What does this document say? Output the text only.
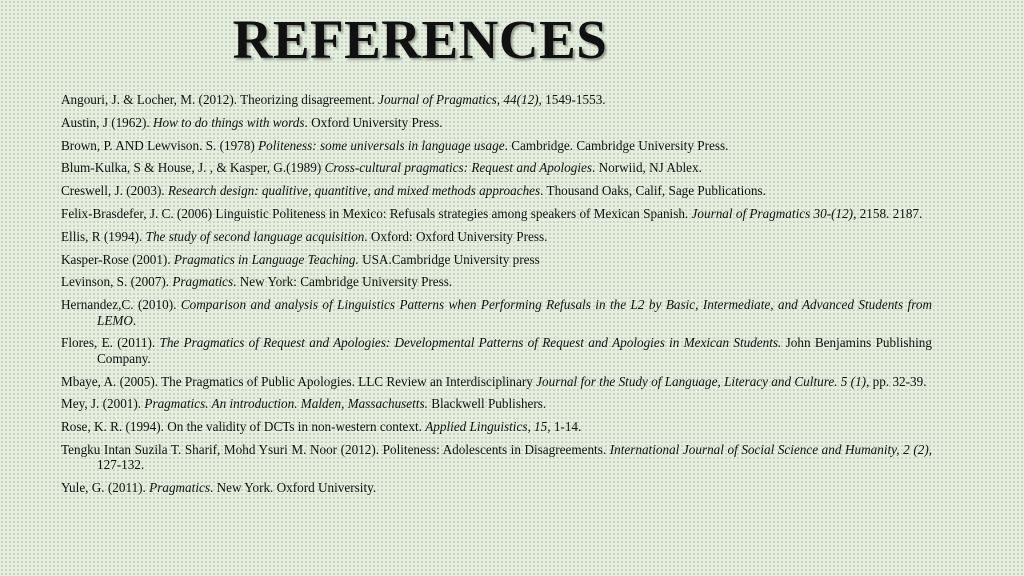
REFERENCES
Angouri, J. & Locher, M. (2012). Theorizing disagreement. Journal of Pragmatics, 44(12), 1549-1553.
Austin, J (1962). How to do things with words. Oxford University Press.
Brown, P. AND Lewvison. S. (1978) Politeness: some universals in language usage. Cambridge. Cambridge University Press.
Blum-Kulka, S & House, J. , & Kasper, G.(1989) Cross-cultural pragmatics: Request and Apologies. Norwiid, NJ Ablex.
Creswell, J. (2003). Research design: qualitive, quantitive, and mixed methods approaches. Thousand Oaks, Calif, Sage Publications.
Felix-Brasdefer, J. C. (2006) Linguistic Politeness in Mexico: Refusals strategies among speakers of Mexican Spanish. Journal of Pragmatics 30-(12), 2158. 2187.
Ellis, R (1994). The study of second language acquisition. Oxford: Oxford University Press.
Kasper-Rose (2001). Pragmatics in Language Teaching. USA.Cambridge University press
Levinson, S. (2007). Pragmatics. New York: Cambridge University Press.
Hernandez,C. (2010). Comparison and analysis of Linguistics Patterns when Performing Refusals in the L2 by Basic, Intermediate, and Advanced Students from LEMO.
Flores, E. (2011). The Pragmatics of Request and Apologies: Developmental Patterns of Request and Apologies in Mexican Students. John Benjamins Publishing Company.
Mbaye, A. (2005). The Pragmatics of Public Apologies. LLC Review an Interdisciplinary Journal for the Study of Language, Literacy and Culture. 5 (1), pp. 32-39.
Mey, J. (2001). Pragmatics. An introduction. Malden, Massachusetts. Blackwell Publishers.
Rose, K. R. (1994). On the validity of DCTs in non-western context. Applied Linguistics, 15, 1-14.
Tengku Intan Suzila T. Sharif, Mohd Ysuri M. Noor (2012). Politeness: Adolescents in Disagreements. International Journal of Social Science and Humanity, 2 (2), 127-132.
Yule, G. (2011). Pragmatics. New York. Oxford University.
